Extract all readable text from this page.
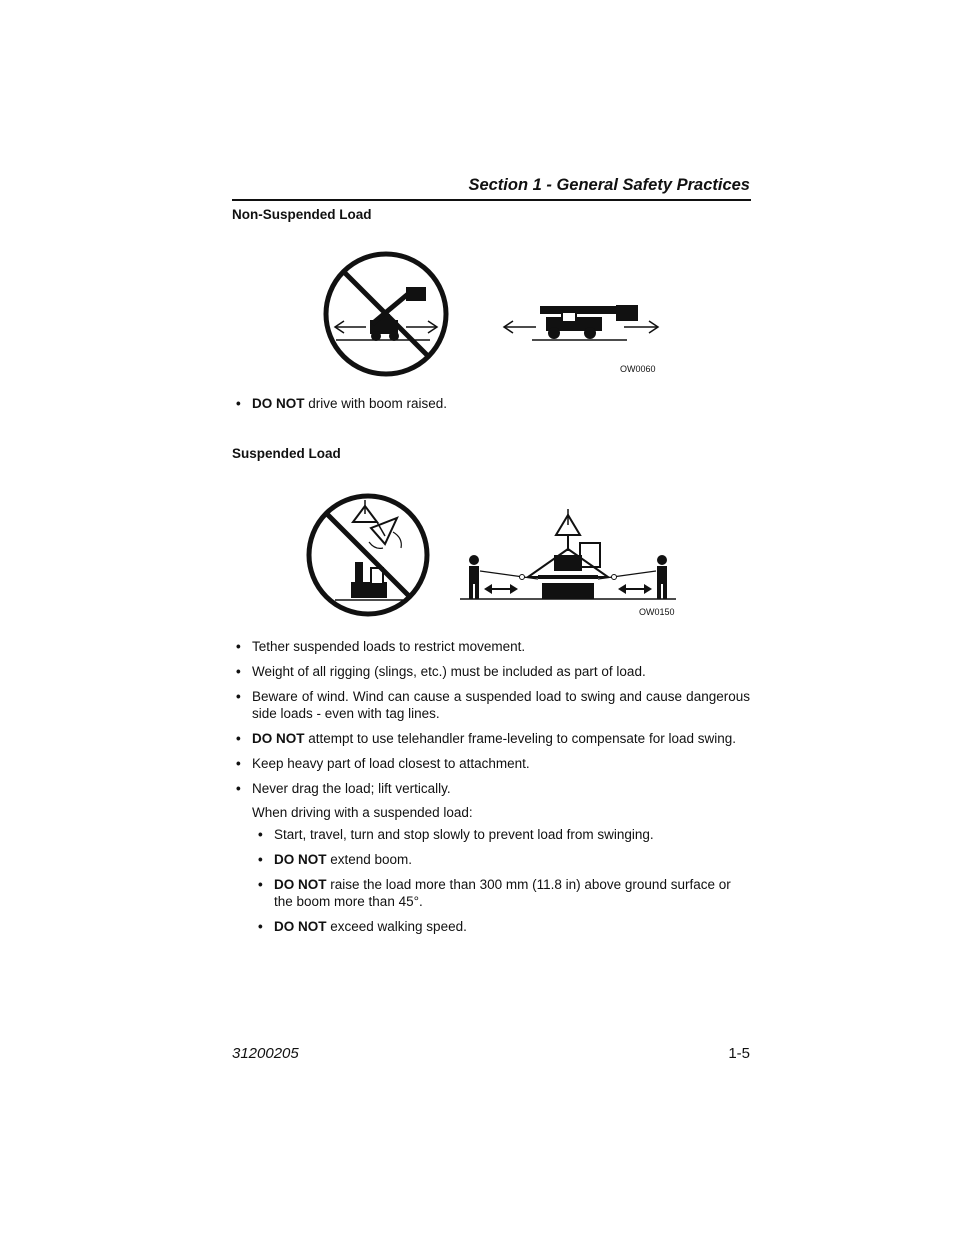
Section 1 - General Safety Practices
Non-Suspended Load
OW0060
• DO NOT drive with boom raised.
Suspended Load
OW0150
• Tether suspended loads to restrict movement.
• Weight of all rigging (slings, etc.) must be included as part of load.
• Beware of wind. Wind can cause a suspended load to swing and cause dangerous side loads - even with tag lines.
• DO NOT attempt to use telehandler frame-leveling to compensate for load swing.
• Keep heavy part of load closest to attachment.
• Never drag the load; lift vertically.
When driving with a suspended load:
• Start, travel, turn and stop slowly to prevent load from swinging.
• DO NOT extend boom.
• DO NOT raise the load more than 300 mm (11.8 in) above ground surface or the boom more than 45°.
• DO NOT exceed walking speed.
31200205	1-5
